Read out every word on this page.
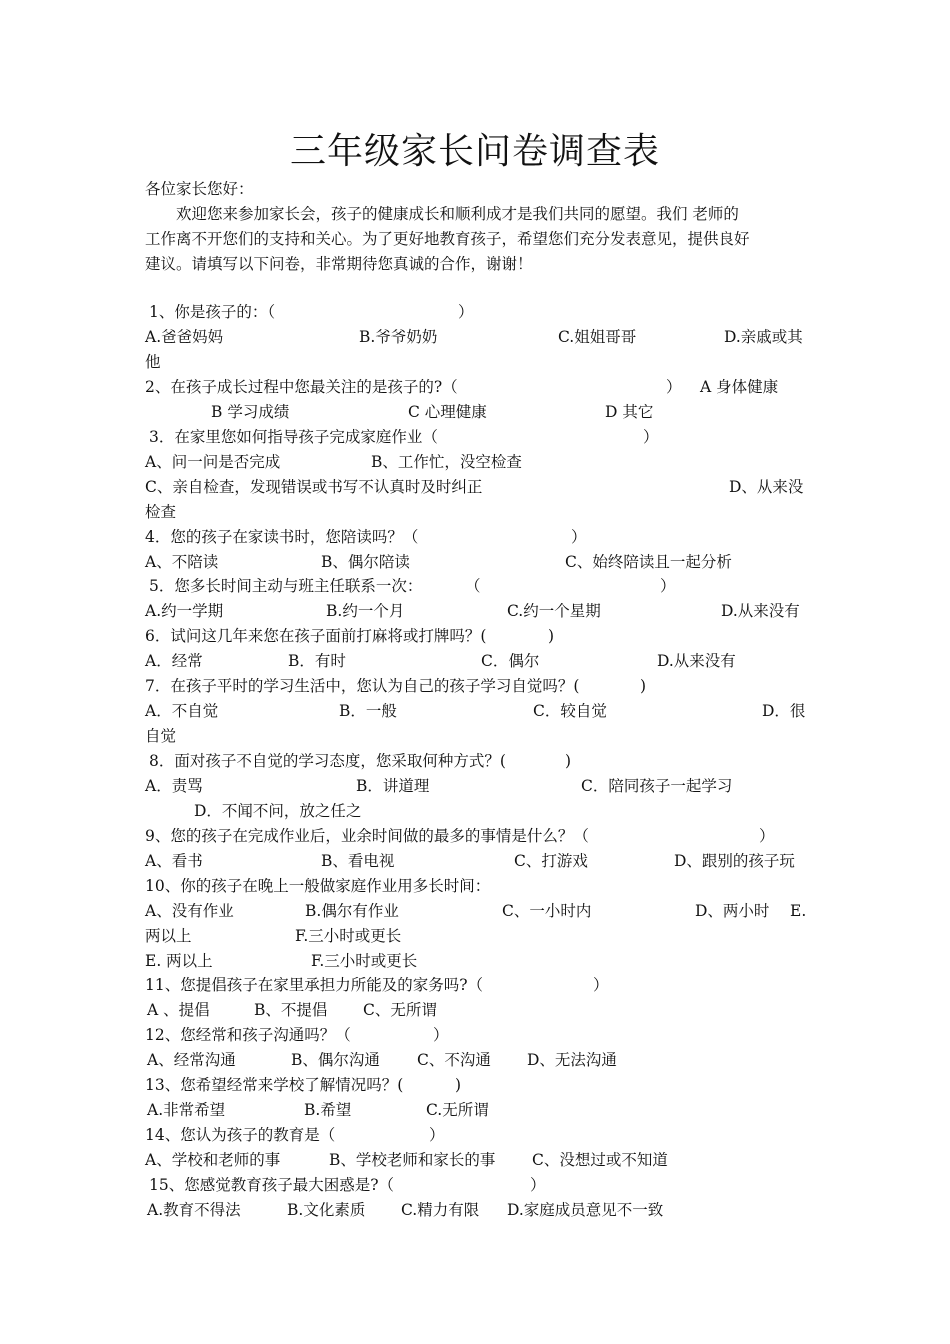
三年级家长问卷调查表
各位家长您好：
欢迎您来参加家长会，孩子的健康成长和顺利成才是我们共同的愿望。我们 老师的
工作离不开您们的支持和关心。为了更好地教育孩子，希望您们充分发表意见，提供良好
建议。请填写以下问卷，非常期待您真诚的合作，谢谢！
1、你是孩子的：（	）
A.爸爸妈妈	B.爷爷奶奶	C.姐姐哥哥	D.亲戚或其
他
2、在孩子成长过程中您最关注的是孩子的?（	） A 身体健康
B 学习成绩	C 心理健康	D 其它
3．在家里您如何指导孩子完成家庭作业（	）
A、问一问是否完成	B、工作忙，没空检查
C、亲自检查，发现错误或书写不认真时及时纠正	D、从来没
检查
4．您的孩子在家读书时，您陪读吗？（	）
A、不陪读	B、偶尔陪读	C、始终陪读且一起分析
5．您多长时间主动与班主任联系一次：	（	）
A.约一学期	B.约一个月	C.约一个星期	D.从来没有
6．试问这几年来您在孩子面前打麻将或打牌吗？(	)
A．经常	B．有时	C．偶尔	D.从来没有
7．在孩子平时的学习生活中，您认为自己的孩子学习自觉吗？(	)
A．不自觉	B．一般	C．较自觉	D．很
自觉
8．面对孩子不自觉的学习态度，您采取何种方式？(	)
A．责骂	B．讲道理	C．陪同孩子一起学习
D．不闻不问，放之任之
9、您的孩子在完成作业后，业余时间做的最多的事情是什么？（	）
A、看书	B、看电视	C、打游戏	D、跟别的孩子玩
10、你的孩子在晚上一般做家庭作业用多长时间：
A、没有作业	B.偶尔有作业	C、一小时内	D、两小时 E.
两以上	F.三小时或更长
E. 两以上	F.三小时或更长
11、您提倡孩子在家里承担力所能及的家务吗?（	）
A 、提倡	B、不提倡 C、无所谓
12、您经常和孩子沟通吗？（	）
A、经常沟通	B、偶尔沟通 C、不沟通 D、无法沟通
13、您希望经常来学校了解情况吗？(	)
A.非常希望	B.希望	C.无所谓
14、您认为孩子的教育是（	）
A、学校和老师的事	B、学校老师和家长的事 C、没想过或不知道
15、您感觉教育孩子最大困惑是?（	）
A.教育不得法	B.文化素质 C.精力有限 D.家庭成员意见不一致
